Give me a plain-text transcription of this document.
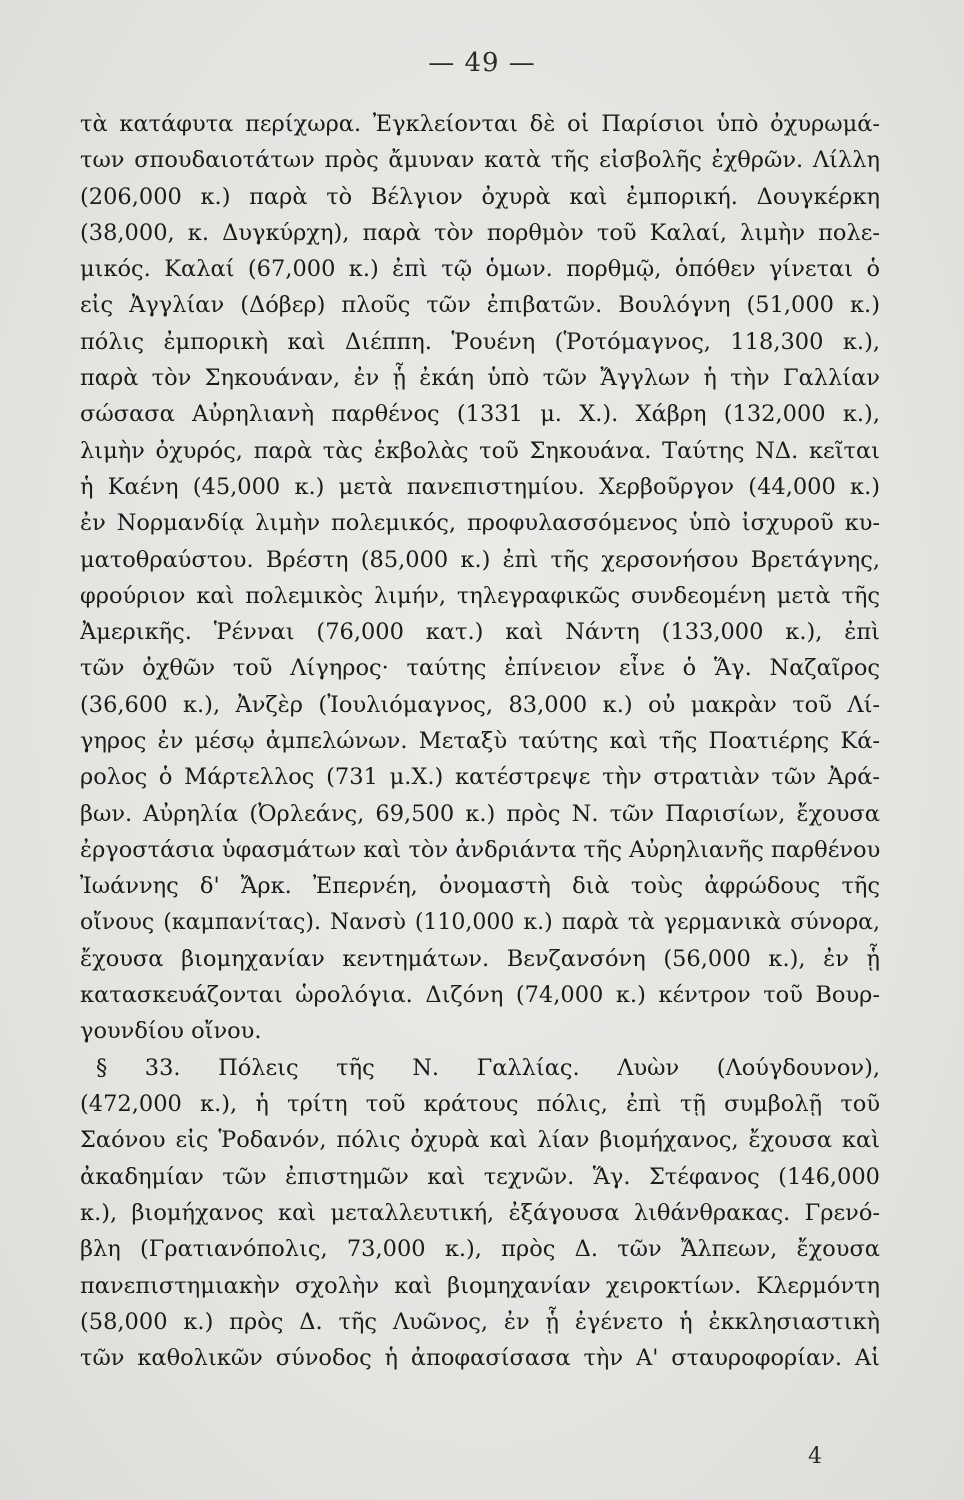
— 49 —
τὰ κατάφυτα περίχωρα. Ἐγκλείονται δὲ οἱ Παρίσιοι ὑπὸ ὀχυρωμά-
των σπουδαιοτάτων πρὸς ἄμυναν κατὰ τῆς εἰσβολῆς ἐχθρῶν. Λίλλη
(206,000 κ.) παρὰ τὸ Βέλγιον ὀχυρὰ καὶ ἐμπορική. Δουγκέρκη
(38,000, κ. Δυγκύρχη), παρὰ τὸν πορθμὸν τοῦ Καλαί, λιμὴν πολε-
μικός. Καλαί (67,000 κ.) ἐπὶ τῷ ὁμων. πορθμῷ, ὁπόθεν γίνεται ὁ
εἰς Ἀγγλίαν (Δόβερ) πλοῦς τῶν ἐπιβατῶν. Βουλόγνη (51,000 κ.)
πόλις ἐμπορικὴ καὶ Διέππη. Ῥουένη (Ῥοτόμαγνος, 118,300 κ.),
παρὰ τὸν Σηκουάναν, ἐν ᾗ ἐκάη ὑπὸ τῶν Ἄγγλων ἡ τὴν Γαλλίαν
σώσασα Αὐρηλιανὴ παρθένος (1331 μ. Χ.). Χάβρη (132,000 κ.),
λιμὴν ὀχυρός, παρὰ τὰς ἐκβολὰς τοῦ Σηκουάνα. Ταύτης ΝΔ. κεῖται
ἡ Καένη (45,000 κ.) μετὰ πανεπιστημίου. Χερβοῦργον (44,000 κ.)
ἐν Νορμανδίᾳ λιμὴν πολεμικός, προφυλασσόμενος ὑπὸ ἰσχυροῦ κυ-
ματοθραύστου. Βρέστη (85,000 κ.) ἐπὶ τῆς χερσονήσου Βρετάγνης,
φρούριον καὶ πολεμικὸς λιμήν, τηλεγραφικῶς συνδεομένη μετὰ τῆς
Ἀμερικῆς. Ῥένναι (76,000 κατ.) καὶ Νάντη (133,000 κ.), ἐπὶ
τῶν ὀχθῶν τοῦ Λίγηρος· ταύτης ἐπίνειον εἶνε ὁ Ἅγ. Ναζαῖρος
(36,600 κ.), Ἀνζὲρ (Ἰουλιόμαγνος, 83,000 κ.) οὐ μακρὰν τοῦ Λί-
γηρος ἐν μέσῳ ἀμπελώνων. Μεταξὺ ταύτης καὶ τῆς Ποατιέρης Κά-
ρολος ὁ Μάρτελλος (731 μ.Χ.) κατέστρεψε τὴν στρατιὰν τῶν Ἀρά-
βων. Αὐρηλία (Ὀρλεάνς, 69,500 κ.) πρὸς Ν. τῶν Παρισίων, ἔχουσα
ἐργοστάσια ὑφασμάτων καὶ τὸν ἀνδριάντα τῆς Αὐρηλιανῆς παρθένου
Ἰωάννης δ' Ἄρκ. Ἐπερνέη, ὀνομαστὴ διὰ τοὺς ἀφρώδους τῆς
οἴνους (καμπανίτας). Νανσὺ (110,000 κ.) παρὰ τὰ γερμανικὰ σύνορα,
ἔχουσα βιομηχανίαν κεντημάτων. Βενζανσόνη (56,000 κ.), ἐν ᾗ
κατασκευάζονται ὡρολόγια. Διζόνη (74,000 κ.) κέντρον τοῦ Βουρ-
γουνδίου οἴνου.
§ 33. Πόλεις τῆς Ν. Γαλλίας. Λυὼν (Λούγδουνον),
(472,000 κ.), ἡ τρίτη τοῦ κράτους πόλις, ἐπὶ τῇ συμβολῇ τοῦ
Σαόνου εἰς Ῥοδανόν, πόλις ὀχυρὰ καὶ λίαν βιομήχανος, ἔχουσα καὶ
ἀκαδημίαν τῶν ἐπιστημῶν καὶ τεχνῶν. Ἅγ. Στέφανος (146,000
κ.), βιομήχανος καὶ μεταλλευτική, ἐξάγουσα λιθάνθρακας. Γρενό-
βλη (Γρατιανόπολις, 73,000 κ.), πρὸς Δ. τῶν Ἄλπεων, ἔχουσα
πανεπιστημιακὴν σχολὴν καὶ βιομηχανίαν χειροκτίων. Κλερμόντη
(58,000 κ.) πρὸς Δ. τῆς Λυῶνος, ἐν ᾗ ἐγένετο ἡ ἐκκλησιαστικὴ
τῶν καθολικῶν σύνοδος ἡ ἀποφασίσασα τὴν Α' σταυροφορίαν. Αἱ
4
